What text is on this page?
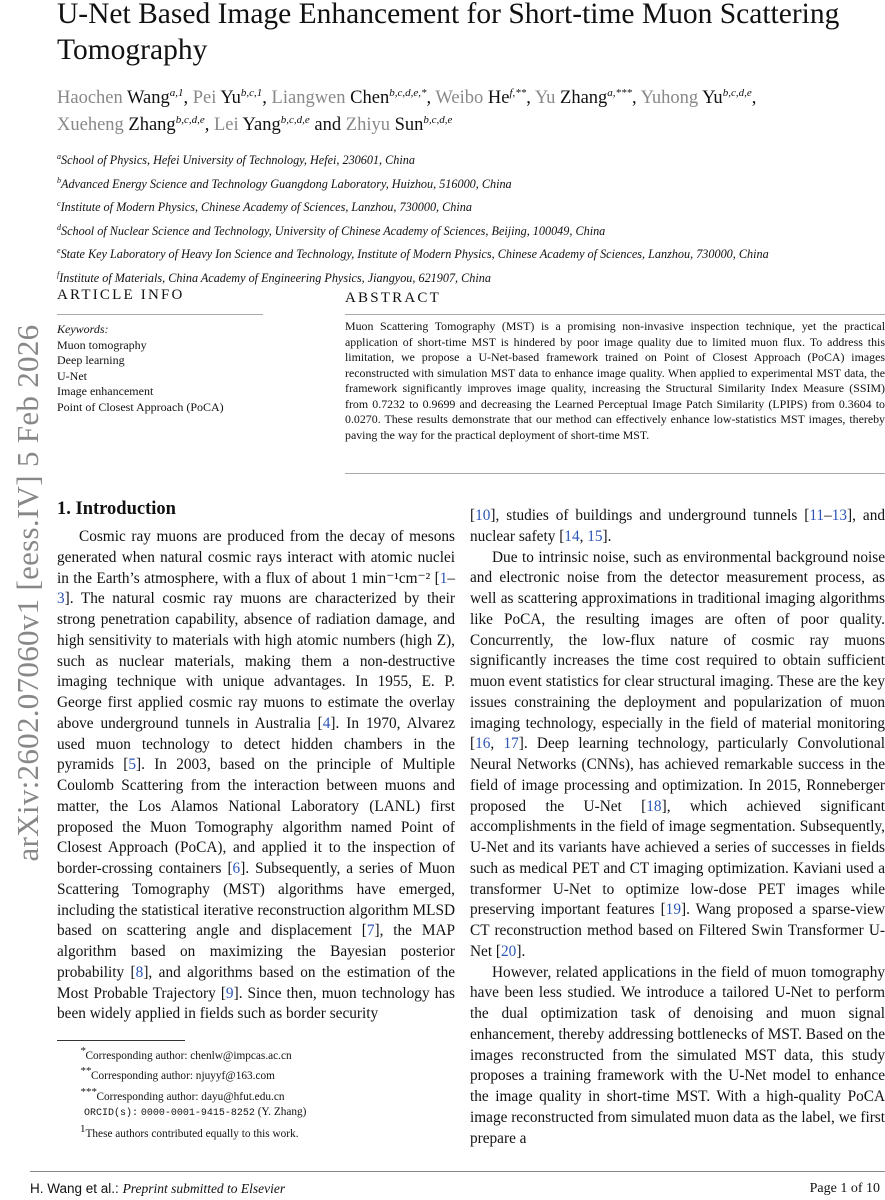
U-Net Based Image Enhancement for Short-time Muon Scattering Tomography
Haochen Wang$^{a,1}$, Pei Yu$^{b,c,1}$, Liangwen Chen$^{b,c,d,e,*}$, Weibo $He^{f,**}$, Yu Zhang$^{a,***}$, Yuhong Yu$^{b,c,d,e}$,
Xueheng Zhang$^{b,c,d,e}$, Lei Yang$^{b,c,d,e}$ and Zhiyu Sun$^{b,c,d,e}$
$^a$School of Physics, Hefei University of Technology, Hefei, 230601, China
$^b$Advanced Energy Science and Technology Guangdong Laboratory, Huizhou, 516000, China
$^c$Institute of Modern Physics, Chinese Academy of Sciences, Lanzhou, 730000, China
$^d$School of Nuclear Science and Technology, University of Chinese Academy of Sciences, Beijing, 100049, China
$^e$State Key Laboratory of Heavy Ion Science and Technology, Institute of Modern Physics, Chinese Academy of Sciences, Lanzhou, 730000, China
$^f$Institute of Materials, China Academy of Engineering Physics, Jiangyou, 621907, China
arXiv:2602.07060v1 [eess.IV] 5 Feb 2026
ARTICLE INFO
Keywords:
Muon tomography
Deep learning
U-Net
Image enhancement
Point of Closest Approach (PoCA)
ABSTRACT
Muon Scattering Tomography (MST) is a promising non-invasive inspection technique, yet the practical application of short-time MST is hindered by poor image quality due to limited muon flux. To address this limitation, we propose a U-Net-based framework trained on Point of Closest Approach (PoCA) images reconstructed with simulation MST data to enhance image quality. When applied to experimental MST data, the framework significantly improves image quality, increasing the Structural Similarity Index Measure (SSIM) from 0.7232 to 0.9699 and decreasing the Learned Perceptual Image Patch Similarity (LPIPS) from 0.3604 to 0.0270. These results demonstrate that our method can effectively enhance low-statistics MST images, thereby paving the way for the practical deployment of short-time MST.
1. Introduction

Cosmic ray muons are produced from the decay of mesons generated when natural cosmic rays interact with atomic nuclei in the Earth’s atmosphere, with a flux of about 1 min⁻¹cm⁻² [1–3]. The natural cosmic ray muons are characterized by their strong penetration capability, absence of radiation damage, and high sensitivity to materials with high atomic numbers (high Z), such as nuclear materials, making them a non-destructive imaging technique with unique advantages. In 1955, E. P. George first applied cosmic ray muons to estimate the overlay above underground tunnels in Australia [4]. In 1970, Alvarez used muon technology to detect hidden chambers in the pyramids [5]. In 2003, based on the principle of Multiple Coulomb Scattering from the interaction between muons and matter, the Los Alamos National Laboratory (LANL) first proposed the Muon Tomography algorithm named Point of Closest Approach (PoCA), and applied it to the inspection of border-crossing containers [6]. Subsequently, a series of Muon Scattering Tomography (MST) algorithms have emerged, including the statistical iterative reconstruction algorithm MLSD based on scattering angle and displacement [7], the MAP algorithm based on maximizing the Bayesian posterior probability [8], and algorithms based on the estimation of the Most Probable Trajectory [9]. Since then, muon technology has been widely applied in fields such as border security

[10], studies of buildings and underground tunnels [11–13], and nuclear safety [14, 15].

Due to intrinsic noise, such as environmental background noise and electronic noise from the detector measurement process, as well as scattering approximations in traditional imaging algorithms like PoCA, the resulting images are often of poor quality. Concurrently, the low-flux nature of cosmic ray muons significantly increases the time cost required to obtain sufficient muon event statistics for clear structural imaging. These are the key issues constraining the deployment and popularization of muon imaging technology, especially in the field of material monitoring [16, 17]. Deep learning technology, particularly Convolutional Neural Networks (CNNs), has achieved remarkable success in the field of image processing and optimization. In 2015, Ronneberger proposed the U-Net [18], which achieved significant accomplishments in the field of image segmentation. Subsequently, U-Net and its variants have achieved a series of successes in fields such as medical PET and CT imaging optimization. Kaviani used a transformer U-Net to optimize low-dose PET images while preserving important features [19]. Wang proposed a sparse-view CT reconstruction method based on Filtered Swin Transformer U-Net [20].

However, related applications in the field of muon tomography have been less studied. We introduce a tailored U-Net to perform the dual optimization task of denoising and muon signal enhancement, thereby addressing bottlenecks of MST. Based on the images reconstructed from the simulated MST data, this study proposes a training framework with the U-Net model to enhance the image quality in short-time MST. With a high-quality PoCA image reconstructed from simulated muon data as the label, we first prepare a

*Corresponding author: chenlw@impcas.ac.cn
**Corresponding author: njuyyf@163.com
***Corresponding author: dayu@hfut.edu.cn
ORCID(s): 0000-0001-9415-8252 (Y. Zhang)
$^1$These authors contributed equally to this work.
H. Wang et al.: Preprint submitted to Elsevier	Page 1 of 10
